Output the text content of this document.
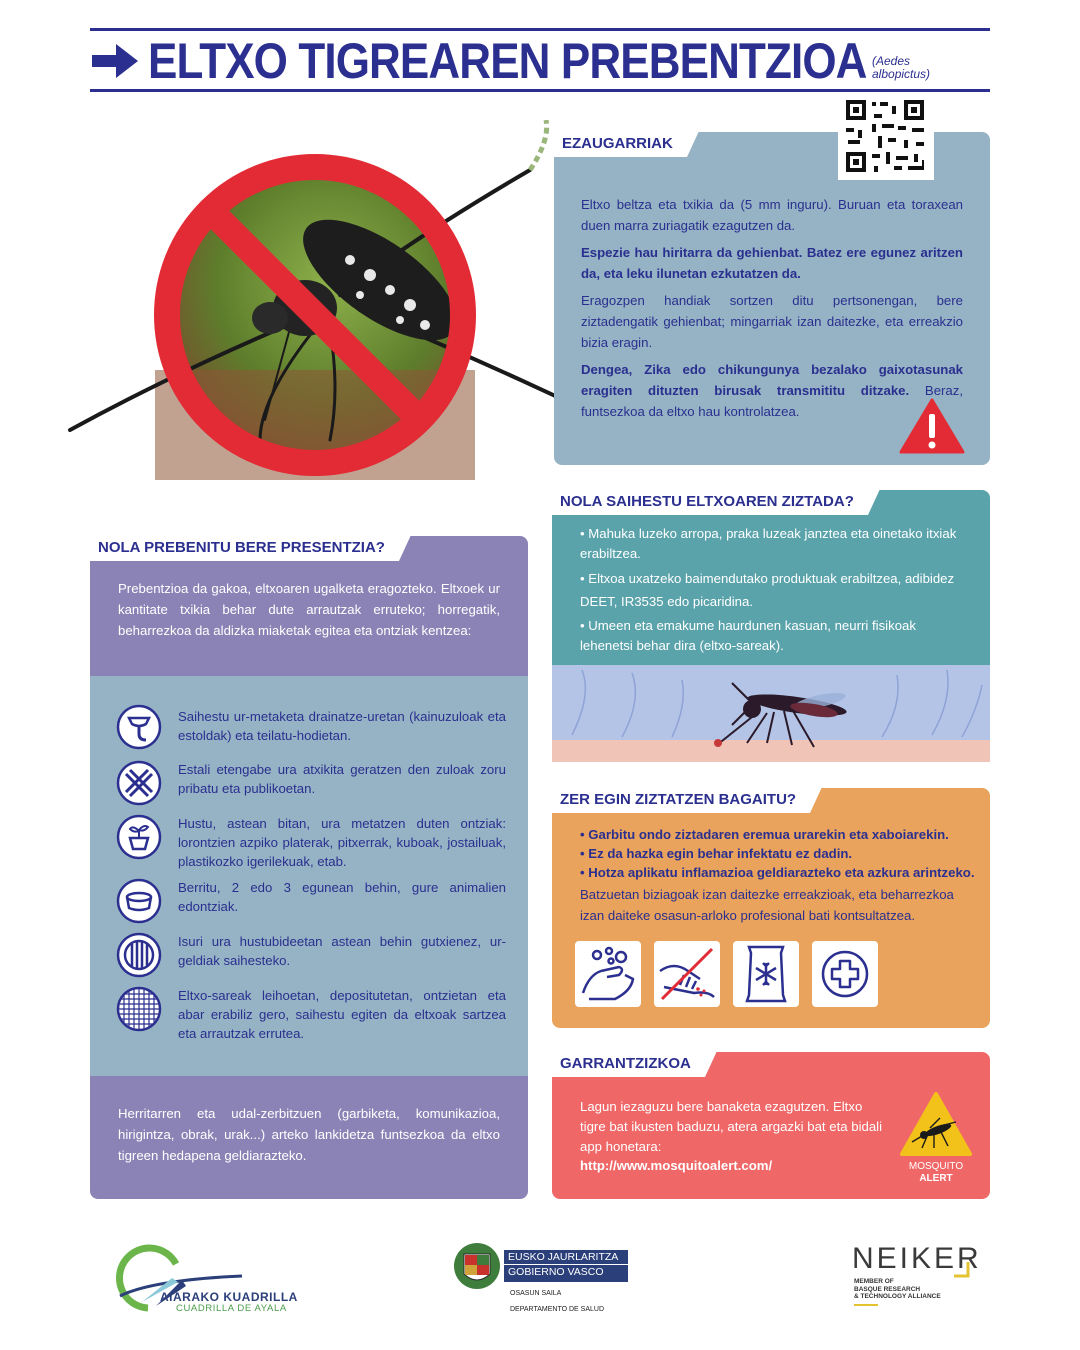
ELTXO TIGREAREN PREBENTZIOA (Aedes albopictus)
EZAUGARRIAK

Eltxo beltza eta txikia da (5 mm inguru). Buruan eta toraxean duen marra zuriagatik ezagutzen da.

Espezie hau hiritarra da gehienbat. Batez ere egunez aritzen da, eta leku ilunetan ezkutatzen da.

Eragozpen handiak sortzen ditu pertsonengan, bere ziztadengatik gehienbat; mingarriak izan daitezke, eta erreakzio bizia eragin.

Dengea, Zika edo chikungunya bezalako gaixotasunak eragiten dituzten birusak transmititu ditzake. Beraz, funtsezkoa da eltxo hau kontrolatzea.

NOLA PREBENITU BERE PRESENTZIA?
Prebentzioa da gakoa, eltxoaren ugalketa eragozteko. Eltxoek ur kantitate txikia behar dute arrautzak erruteko; horregatik, beharrezkoa da aldizka miaketak egitea eta ontziak kentzea:
Saihestu ur-metaketa drainatze-uretan (kainuzuloak eta estoldak) eta teilatu-hodietan.
Estali etengabe ura atxikita geratzen den zuloak zoru pribatu eta publikoetan.
Hustu, astean bitan, ura metatzen duten ontziak: lorontzien azpiko platerak, pitxerrak, kuboak, jostailuak, plastikozko igerilekuak, etab.
Berritu, 2 edo 3 egunean behin, gure animalien edontziak.
Isuri ura hustubideetan astean behin gutxienez, ur-geldiak saihesteko.
Eltxo-sareak leihoetan, depositutetan, ontzietan eta abar erabiliz gero, saihestu egiten da eltxoak sartzea eta arrautzak errutea.
Herritarren eta udal-zerbitzuen (garbiketa, komunikazioa, hirigintza, obrak, urak...) arteko lankidetza funtsezkoa da eltxo tigreen hedapena geldiarazteko.
NOLA SAIHESTU ELTXOAREN ZIZTADA?
• Mahuka luzeko arropa, praka luzeak janztea eta oinetako itxiak erabiltzea.
• Eltxoa uxatzeko baimendutako produktuak erabiltzea, adibidez DEET, IR3535 edo picaridina.
• Umeen eta emakume haurdunen kasuan, neurri fisikoak lehenetsi behar dira (eltxo-sareak).
ZER EGIN ZIZTATZEN BAGAITU?
• Garbitu ondo ziztadaren eremua urarekin eta xaboiarekin.
• Ez da hazka egin behar infektatu ez dadin.
• Hotza aplikatu inflamazioa geldiarazteko eta azkura arintzeko.
Batzuetan biziagoak izan daitezke erreakzioak, eta beharrezkoa izan daiteke osasun-arloko profesional bati kontsultatzea.
GARRANTZIZKOA
Lagun iezaguzu bere banaketa ezagutzen. Eltxo tigre bat ikusten baduzu, atera argazki bat eta bidali app honetara:
http://www.mosquitoalert.com/	MOSQUITO
ALERT
AIARAKO KUADRILLA
CUADRILLA DE AYALA
EUSKO JAURLARITZA
GOBIERNO VASCO
OSASUN SAILA
DEPARTAMENTO DE SALUD
NEIKER
MEMBER OF
BASQUE RESEARCH
& TECHNOLOGY ALLIANCE
